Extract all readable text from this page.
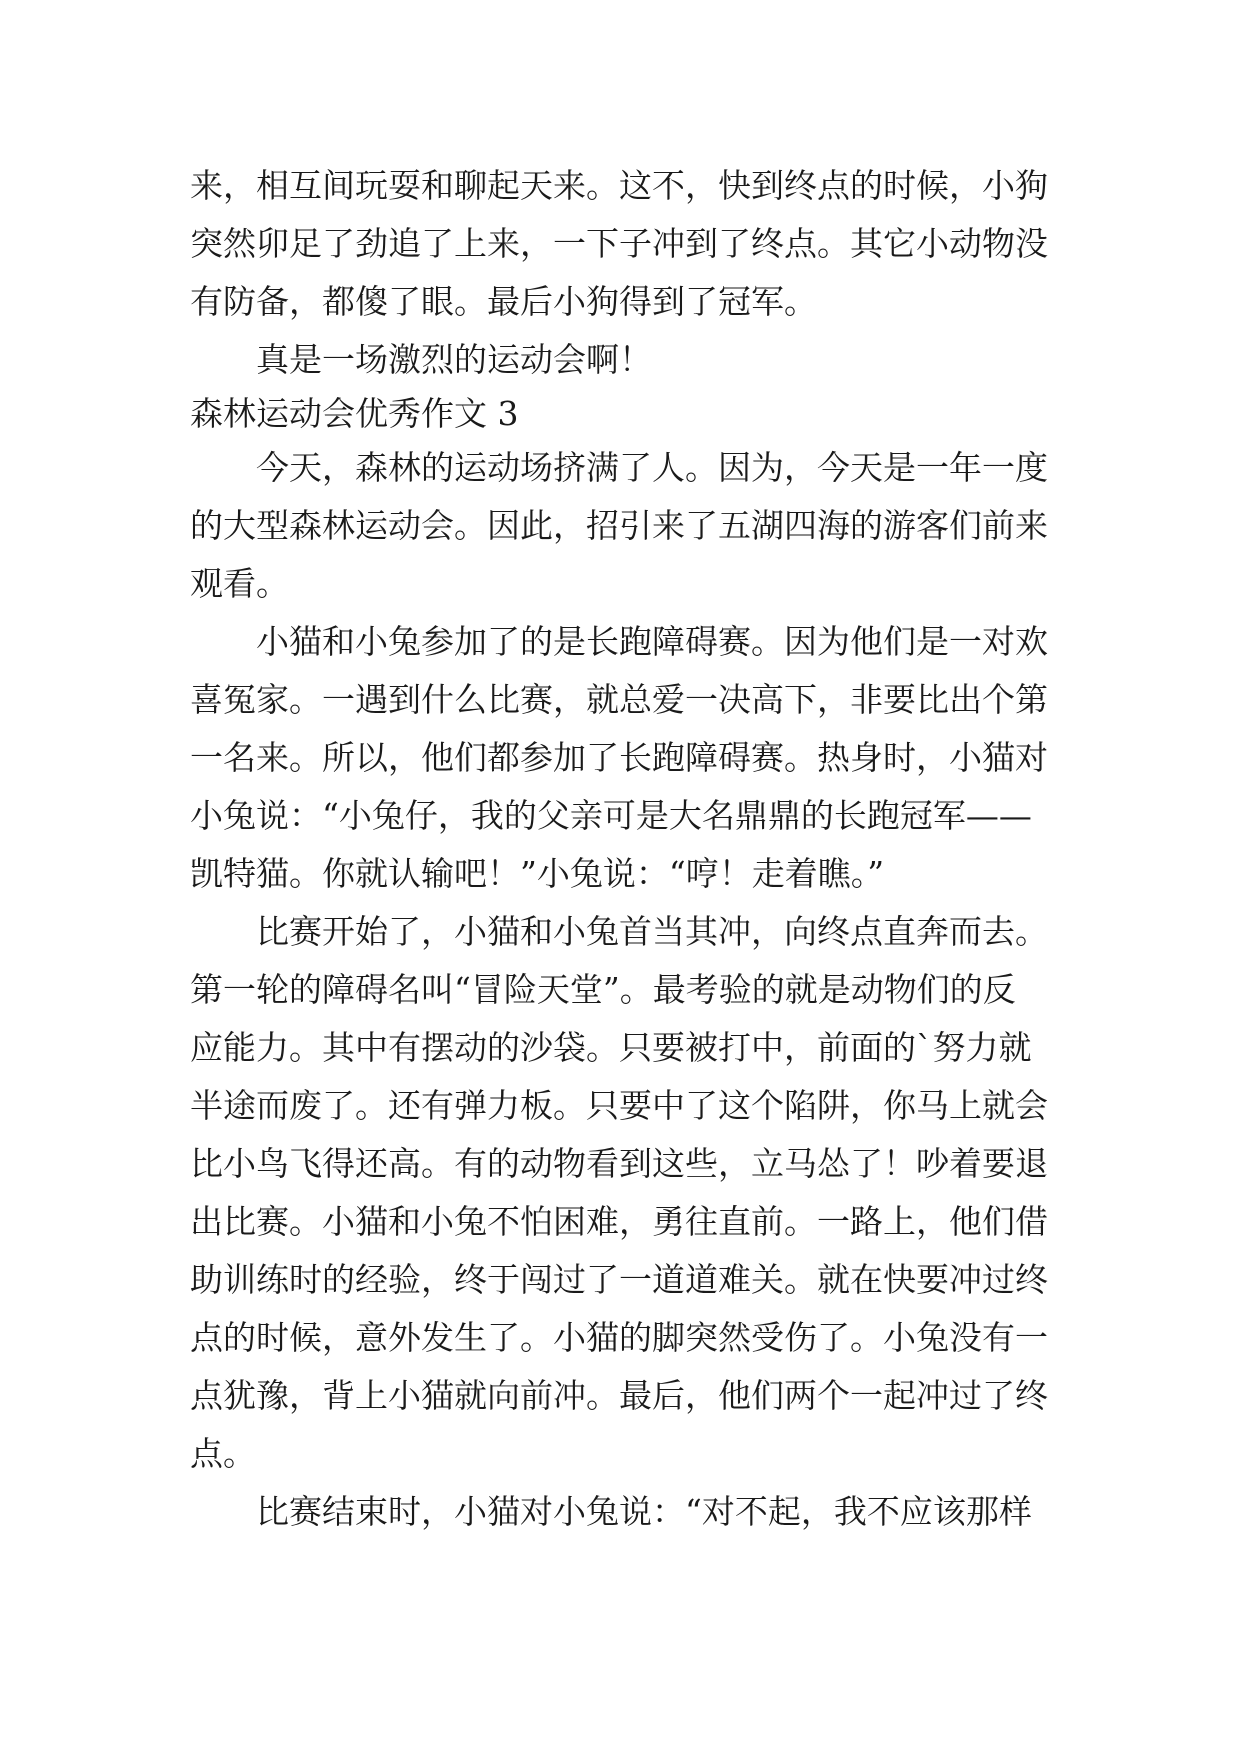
来，相互间玩耍和聊起天来。这不，快到终点的时候，小狗
突然卯足了劲追了上来，一下子冲到了终点。其它小动物没
有防备，都傻了眼。最后小狗得到了冠军。
　　真是一场激烈的运动会啊！
森林运动会优秀作文 3
　　今天，森林的运动场挤满了人。因为，今天是一年一度
的大型森林运动会。因此，招引来了五湖四海的游客们前来
观看。
　　小猫和小兔参加了的是长跑障碍赛。因为他们是一对欢
喜冤家。一遇到什么比赛，就总爱一决高下，非要比出个第
一名来。所以，他们都参加了长跑障碍赛。热身时，小猫对
小兔说：“小兔仔，我的父亲可是大名鼎鼎的长跑冠军——
凯特猫。你就认输吧！”小兔说：“哼！走着瞧。”
　　比赛开始了，小猫和小兔首当其冲，向终点直奔而去。
第一轮的障碍名叫“冒险天堂”。最考验的就是动物们的反
应能力。其中有摆动的沙袋。只要被打中，前面的`努力就
半途而废了。还有弹力板。只要中了这个陷阱，你马上就会
比小鸟飞得还高。有的动物看到这些，立马怂了！吵着要退
出比赛。小猫和小兔不怕困难，勇往直前。一路上，他们借
助训练时的经验，终于闯过了一道道难关。就在快要冲过终
点的时候，意外发生了。小猫的脚突然受伤了。小兔没有一
点犹豫，背上小猫就向前冲。最后，他们两个一起冲过了终
点。
　　比赛结束时，小猫对小兔说：“对不起，我不应该那样
